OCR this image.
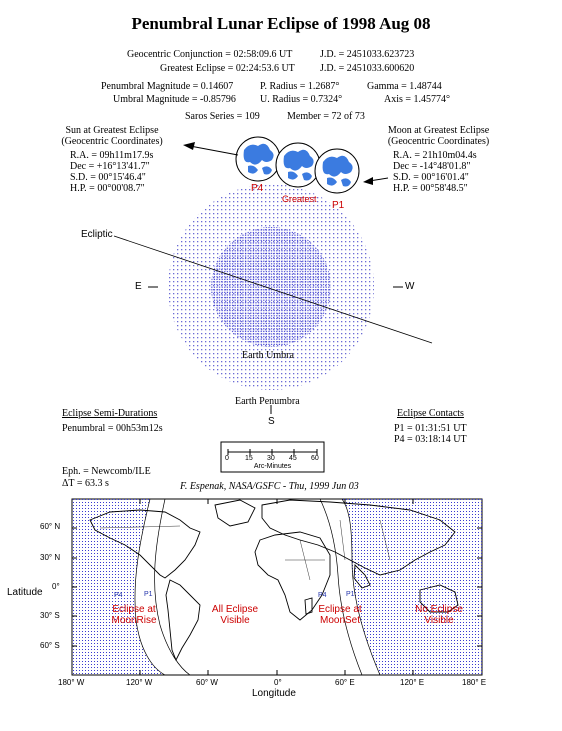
Penumbral Lunar Eclipse of 1998 Aug 08
Geocentric Conjunction = 02:58:09.6 UT	J.D. = 2451033.623723
Greatest Eclipse = 02:24:53.6 UT	J.D. = 2451033.600620
Penumbral Magnitude = 0.14607	P. Radius = 1.2687°	Gamma = 1.48744
Umbral Magnitude = -0.85796 U. Radius = 0.7324°	Axis = 1.45774°
Saros Series = 109	Member = 72 of 73
Sun at Greatest Eclipse
(Geocentric Coordinates)
R.A. = 09h11m17.9s
Dec = +16°13'41.7"
S.D. = 00°15'46.4"
H.P. = 00°00'08.7"
Moon at Greatest Eclipse
(Geocentric Coordinates)
R.A. = 21h10m04.4s
Dec = -14°48'01.8"
S.D. = 00°16'01.4"
H.P. = 00°58'48.5"
P4
Greatest
P1
Ecliptic
E	W
Earth Umbra
Earth Penumbra
S
Eclipse Semi-Durations
Penumbral = 00h53m12s
Eclipse Contacts
P1 = 01:31:51 UT
P4 = 03:18:14 UT
0 15 30 45 60
Arc-Minutes
Eph. = Newcomb/ILE
ΔT = 63.3 s	F. Espenak, NASA/GSFC - Thu, 1999 Jun 03
Latitude
60° N
30° N
0°
30° S
60° S
180° W	120° W	60° W	0°	60° E	120° E	180° E
Longitude
P4	P1	P4	P1
Eclipse at
MoonRise
All Eclipse
Visible
Eclipse at
MoonSet
No Eclipse
Visible
